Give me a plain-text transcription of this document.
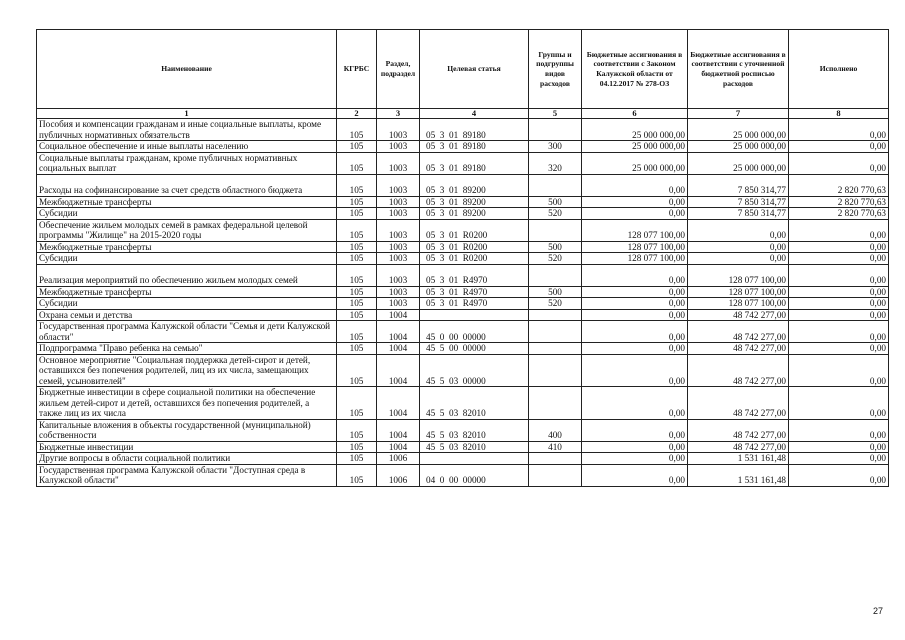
Наименование	КГРБС	Раздел, подраздел	Целевая статья	Группы и подгруппы видов расходов	Бюджетные ассигнования в соответствии с Законом Калужской области от 04.12.2017 № 278-ОЗ	Бюджетные ассигнования в соответствии с уточненной бюджетной росписью расходов	Исполнено
1	2	3	4	5	6	7	8
Пособия и компенсации гражданам и иные социальные выплаты, кроме публичных нормативных обязательств	105	1003	05  3  01  89180		25 000 000,00	25 000 000,00	0,00
Социальное обеспечение и иные выплаты населению	105	1003	05  3  01  89180	300	25 000 000,00	25 000 000,00	0,00
Социальные выплаты гражданам, кроме публичных нормативных социальных выплат	105	1003	05  3  01  89180	320	25 000 000,00	25 000 000,00	0,00
Расходы на софинансирование за счет средств областного бюджета	105	1003	05  3  01  89200		0,00	7 850 314,77	2 820 770,63
Межбюджетные трансферты	105	1003	05  3  01  89200	500	0,00	7 850 314,77	2 820 770,63
Субсидии	105	1003	05  3  01  89200	520	0,00	7 850 314,77	2 820 770,63
Обеспечение жильем молодых семей в рамках федеральной целевой программы "Жилище" на 2015-2020 годы	105	1003	05  3  01  R0200		128 077 100,00	0,00	0,00
Межбюджетные трансферты	105	1003	05  3  01  R0200	500	128 077 100,00	0,00	0,00
Субсидии	105	1003	05  3  01  R0200	520	128 077 100,00	0,00	0,00
Реализация мероприятий по обеспечению жильем молодых семей	105	1003	05  3  01  R4970		0,00	128 077 100,00	0,00
Межбюджетные трансферты	105	1003	05  3  01  R4970	500	0,00	128 077 100,00	0,00
Субсидии	105	1003	05  3  01  R4970	520	0,00	128 077 100,00	0,00
Охрана семьи и детства	105	1004			0,00	48 742 277,00	0,00
Государственная программа Калужской области "Семья и дети Калужской области"	105	1004	45  0  00  00000		0,00	48 742 277,00	0,00
Подпрограмма "Право ребенка на семью"	105	1004	45  5  00  00000		0,00	48 742 277,00	0,00
Основное мероприятие "Социальная поддержка детей-сирот и детей, оставшихся без попечения родителей, лиц из их числа, замещающих семей, усыновителей"	105	1004	45  5  03  00000		0,00	48 742 277,00	0,00
Бюджетные инвестиции в сфере социальной политики на обеспечение жильем детей-сирот и детей, оставшихся без попечения родителей, а также лиц из их числа	105	1004	45  5  03  82010		0,00	48 742 277,00	0,00
Капитальные вложения в объекты государственной (муниципальной) собственности	105	1004	45  5  03  82010	400	0,00	48 742 277,00	0,00
Бюджетные инвестиции	105	1004	45  5  03  82010	410	0,00	48 742 277,00	0,00
Другие вопросы в области социальной политики	105	1006			0,00	1 531 161,48	0,00
Государственная программа Калужской области "Доступная среда в Калужской области"	105	1006	04  0  00  00000		0,00	1 531 161,48	0,00
27
